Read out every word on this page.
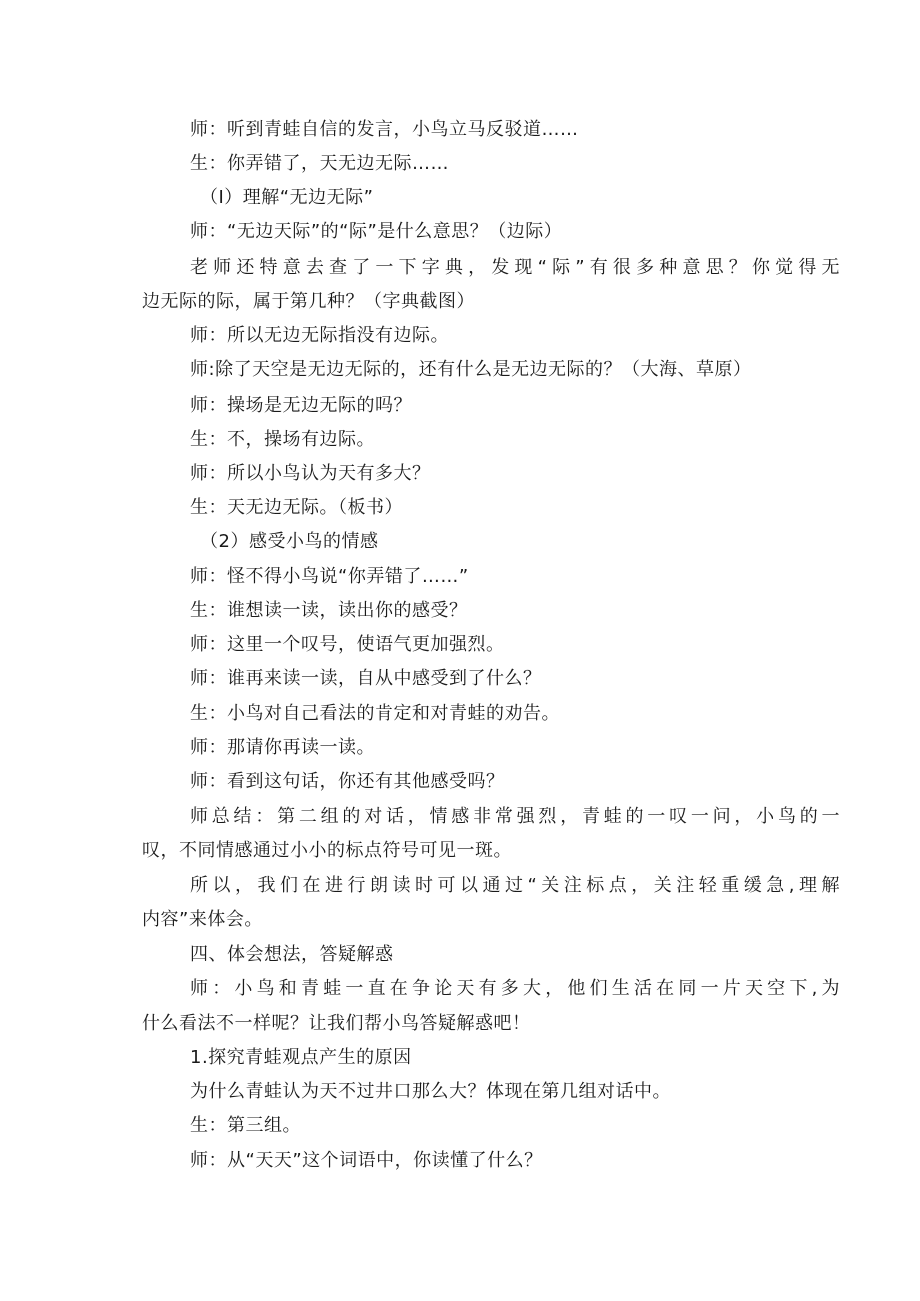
师：听到青蛙自信的发言，小鸟立马反驳道……
生：你弄错了，天无边无际……
（I）理解“无边无际”
师：“无边天际”的“际”是什么意思？（边际）
老师还特意去查了一下字典，发现“际”有很多种意思？你觉得无
边无际的际，属于第几种？（字典截图）
师：所以无边无际指没有边际。
师:除了天空是无边无际的，还有什么是无边无际的？（大海、草原）
师：操场是无边无际的吗？
生：不，操场有边际。
师：所以小鸟认为天有多大？
生：天无边无际。（板书）
（2）感受小鸟的情感
师：怪不得小鸟说“你弄错了……”
生：谁想读一读，读出你的感受？
师：这里一个叹号，使语气更加强烈。
师：谁再来读一读，自从中感受到了什么？
生：小鸟对自己看法的肯定和对青蛙的劝告。
师：那请你再读一读。
师：看到这句话，你还有其他感受吗？
师总结：第二组的对话，情感非常强烈，青蛙的一叹一问，小鸟的一
叹，不同情感通过小小的标点符号可见一斑。
所以，我们在进行朗读时可以通过“关注标点，关注轻重缓急,理解
内容”来体会。
四、体会想法，答疑解惑
师：小鸟和青蛙一直在争论天有多大，他们生活在同一片天空下,为
什么看法不一样呢？让我们帮小鸟答疑解惑吧！
1.探究青蛙观点产生的原因
为什么青蛙认为天不过井口那么大？体现在第几组对话中。
生：第三组。
师：从“天天”这个词语中，你读懂了什么？
